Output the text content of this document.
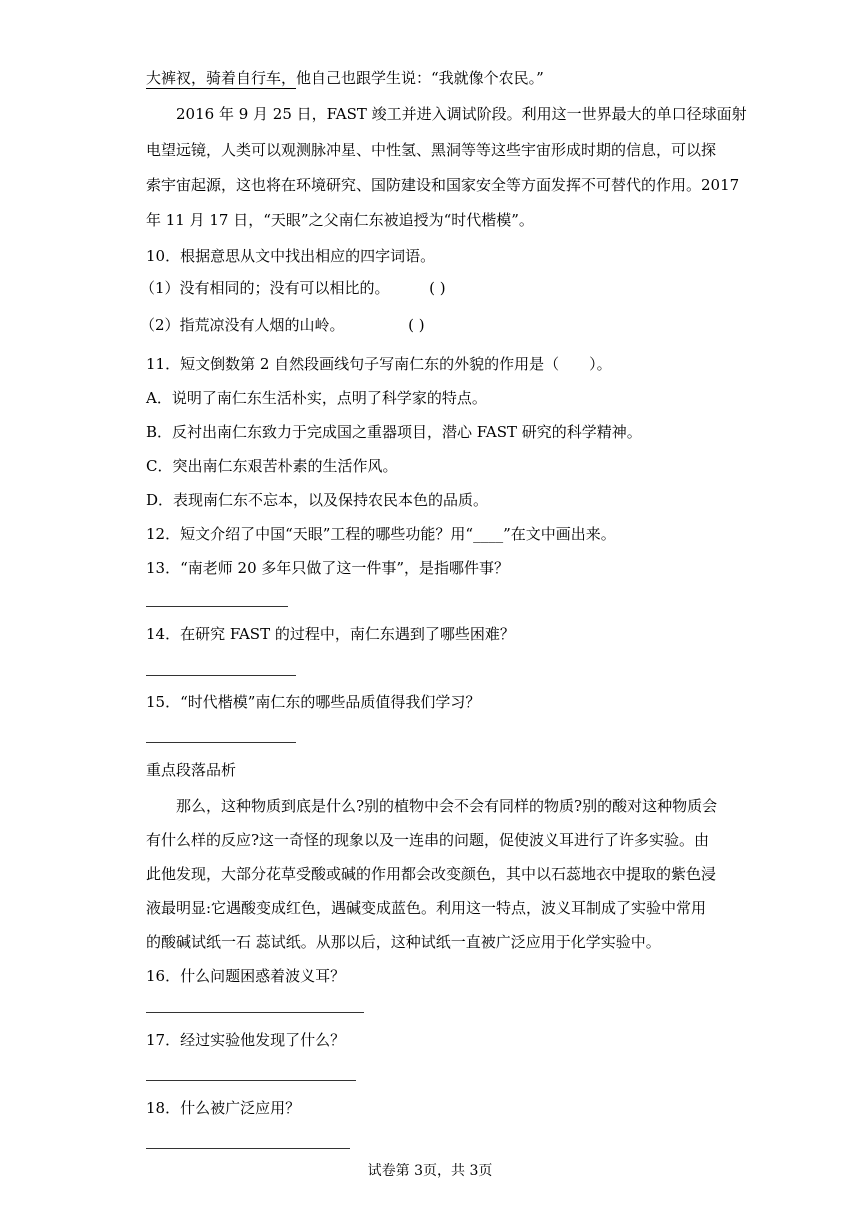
大裤衩，骑着自行车，他自己也跟学生说：“我就像个农民。”
2016 年 9 月 25 日，FAST 竣工并进入调试阶段。利用这一世界最大的单口径球面射
电望远镜，人类可以观测脉冲星、中性氢、黑洞等等这些宇宙形成时期的信息，可以探
索宇宙起源，这也将在环境研究、国防建设和国家安全等方面发挥不可替代的作用。2017
年 11 月 17 日，“天眼”之父南仁东被追授为“时代楷模”。
10．根据意思从文中找出相应的四字词语。
（1）没有相同的；没有可以相比的。	( )
（2）指荒凉没有人烟的山岭。	( )
11．短文倒数第 2 自然段画线句子写南仁东的外貌的作用是（　　）。
A．说明了南仁东生活朴实，点明了科学家的特点。
B．反衬出南仁东致力于完成国之重器项目，潜心 FAST 研究的科学精神。
C．突出南仁东艰苦朴素的生活作风。
D．表现南仁东不忘本，以及保持农民本色的品质。
12．短文介绍了中国“天眼”工程的哪些功能？用“____”在文中画出来。
13．“南老师 20 多年只做了这一件事”，是指哪件事？
14．在研究 FAST 的过程中，南仁东遇到了哪些困难？
15．“时代楷模”南仁东的哪些品质值得我们学习？
重点段落品析
那么，这种物质到底是什么?别的植物中会不会有同样的物质?别的酸对这种物质会
有什么样的反应?这一奇怪的现象以及一连串的问题，促使波义耳进行了许多实验。由
此他发现，大部分花草受酸或碱的作用都会改变颜色，其中以石蕊地衣中提取的紫色浸
液最明显:它遇酸变成红色，遇碱变成蓝色。利用这一特点，波义耳制成了实验中常用
的酸碱试纸一石 蕊试纸。从那以后，这种试纸一直被广泛应用于化学实验中。
16．什么问题困惑着波义耳？
17．经过实验他发现了什么？
18．什么被广泛应用？
试卷第 3页，共 3页
